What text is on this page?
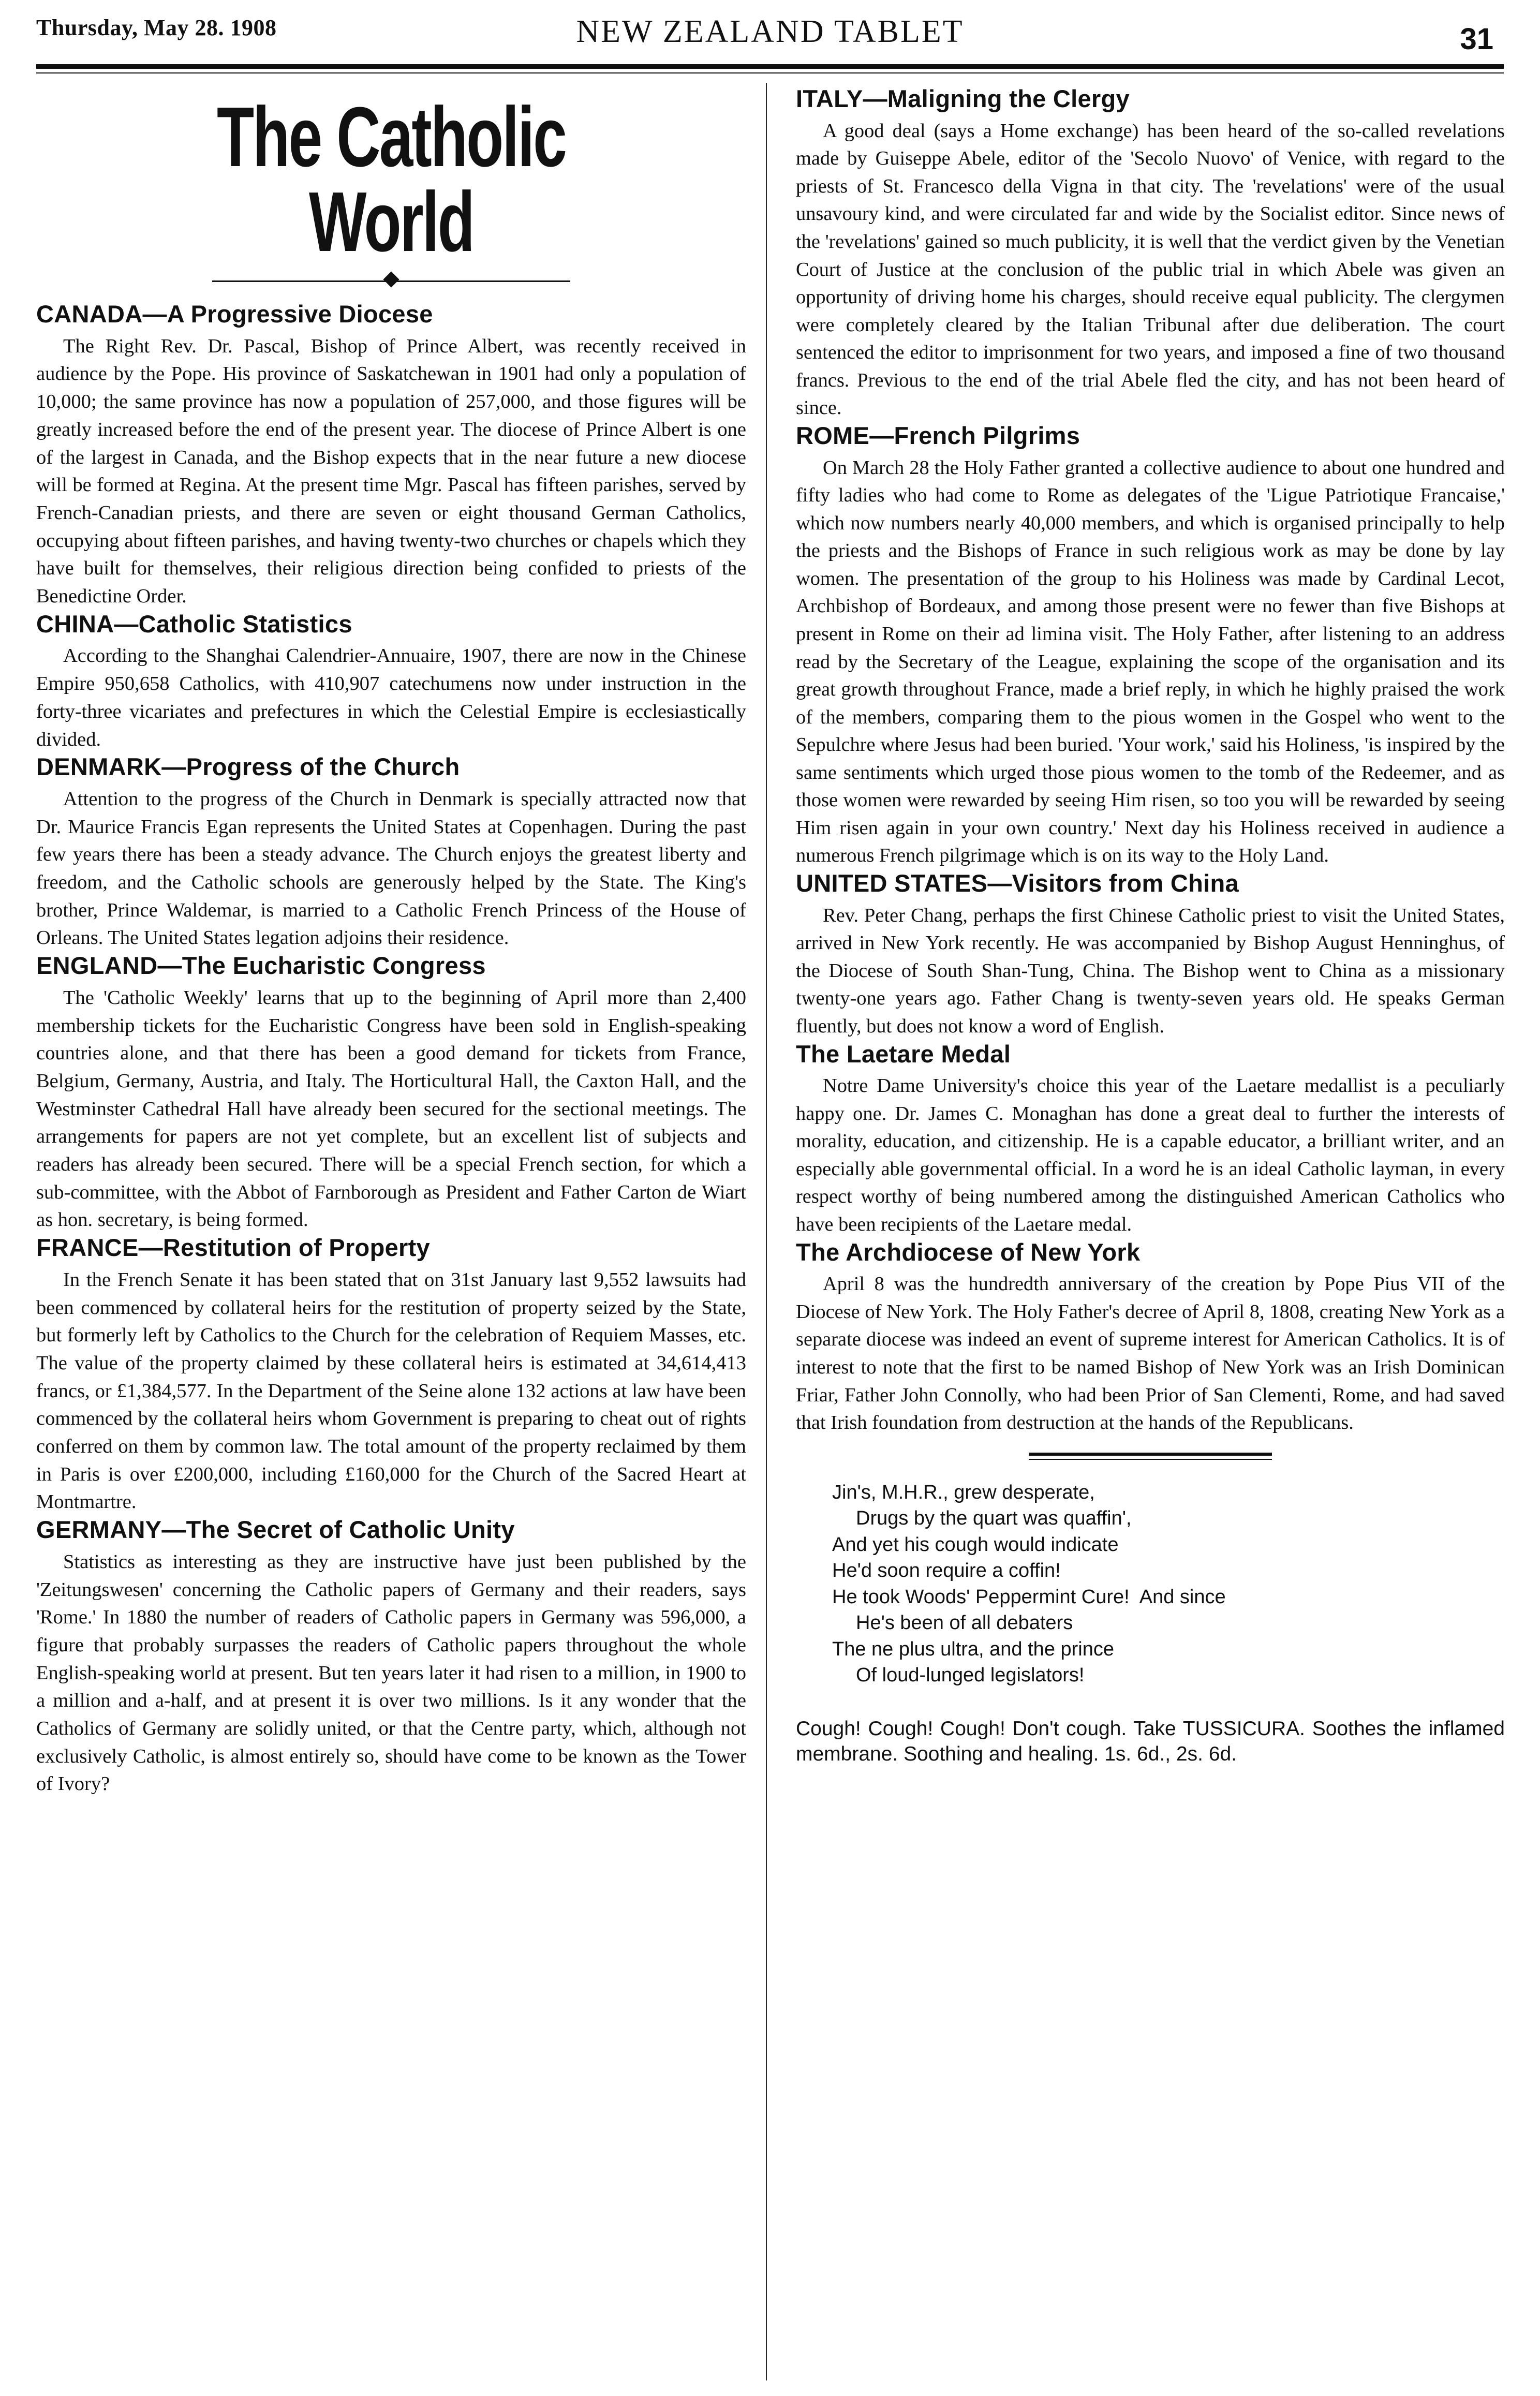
Thursday, May 28. 1908	NEW ZEALAND TABLET	31
The Catholic World
CANADA—A Progressive Diocese

The Right Rev. Dr. Pascal, Bishop of Prince Albert, was recently received in audience by the Pope. His province of Saskatchewan in 1901 had only a population of 10,000; the same province has now a population of 257,000, and those figures will be greatly increased before the end of the present year. The diocese of Prince Albert is one of the largest in Canada, and the Bishop expects that in the near future a new diocese will be formed at Regina. At the present time Mgr. Pascal has fifteen parishes, served by French-Canadian priests, and there are seven or eight thousand German Catholics, occupying about fifteen parishes, and having twenty-two churches or chapels which they have built for themselves, their religious direction being confided to priests of the Benedictine Order.

CHINA—Catholic Statistics

According to the Shanghai Calendrier-Annuaire, 1907, there are now in the Chinese Empire 950,658 Catholics, with 410,907 catechumens now under instruction in the forty-three vicariates and prefectures in which the Celestial Empire is ecclesiastically divided.

DENMARK—Progress of the Church

Attention to the progress of the Church in Denmark is specially attracted now that Dr. Maurice Francis Egan represents the United States at Copenhagen. During the past few years there has been a steady advance. The Church enjoys the greatest liberty and freedom, and the Catholic schools are generously helped by the State. The King's brother, Prince Waldemar, is married to a Catholic French Princess of the House of Orleans. The United States legation adjoins their residence.

ENGLAND—The Eucharistic Congress

The 'Catholic Weekly' learns that up to the beginning of April more than 2,400 membership tickets for the Eucharistic Congress have been sold in English-speaking countries alone, and that there has been a good demand for tickets from France, Belgium, Germany, Austria, and Italy. The Horticultural Hall, the Caxton Hall, and the Westminster Cathedral Hall have already been secured for the sectional meetings. The arrangements for papers are not yet complete, but an excellent list of subjects and readers has already been secured. There will be a special French section, for which a sub-committee, with the Abbot of Farnborough as President and Father Carton de Wiart as hon. secretary, is being formed.

FRANCE—Restitution of Property

In the French Senate it has been stated that on 31st January last 9,552 lawsuits had been commenced by collateral heirs for the restitution of property seized by the State, but formerly left by Catholics to the Church for the celebration of Requiem Masses, etc. The value of the property claimed by these collateral heirs is estimated at 34,614,413 francs, or £1,384,577. In the Department of the Seine alone 132 actions at law have been commenced by the collateral heirs whom Government is preparing to cheat out of rights conferred on them by common law. The total amount of the property reclaimed by them in Paris is over £200,000, including £160,000 for the Church of the Sacred Heart at Montmartre.

GERMANY—The Secret of Catholic Unity

Statistics as interesting as they are instructive have just been published by the 'Zeitungswesen' concerning the Catholic papers of Germany and their readers, says 'Rome.' In 1880 the number of readers of Catholic papers in Germany was 596,000, a figure that probably surpasses the readers of Catholic papers throughout the whole English-speaking world at present. But ten years later it had risen to a million, in 1900 to a million and a-half, and at present it is over two millions. Is it any wonder that the Catholics of Germany are solidly united, or that the Centre party, which, although not exclusively Catholic, is almost entirely so, should have come to be known as the Tower of Ivory?

ITALY—Maligning the Clergy

A good deal (says a Home exchange) has been heard of the so-called revelations made by Guiseppe Abele, editor of the 'Secolo Nuovo' of Venice, with regard to the priests of St. Francesco della Vigna in that city. The 'revelations' were of the usual unsavoury kind, and were circulated far and wide by the Socialist editor. Since news of the 'revelations' gained so much publicity, it is well that the verdict given by the Venetian Court of Justice at the conclusion of the public trial in which Abele was given an opportunity of driving home his charges, should receive equal publicity. The clergymen were completely cleared by the Italian Tribunal after due deliberation. The court sentenced the editor to imprisonment for two years, and imposed a fine of two thousand francs. Previous to the end of the trial Abele fled the city, and has not been heard of since.

ROME—French Pilgrims

On March 28 the Holy Father granted a collective audience to about one hundred and fifty ladies who had come to Rome as delegates of the 'Ligue Patriotique Francaise,' which now numbers nearly 40,000 members, and which is organised principally to help the priests and the Bishops of France in such religious work as may be done by lay women. The presentation of the group to his Holiness was made by Cardinal Lecot, Archbishop of Bordeaux, and among those present were no fewer than five Bishops at present in Rome on their ad limina visit. The Holy Father, after listening to an address read by the Secretary of the League, explaining the scope of the organisation and its great growth throughout France, made a brief reply, in which he highly praised the work of the members, comparing them to the pious women in the Gospel who went to the Sepulchre where Jesus had been buried. 'Your work,' said his Holiness, 'is inspired by the same sentiments which urged those pious women to the tomb of the Redeemer, and as those women were rewarded by seeing Him risen, so too you will be rewarded by seeing Him risen again in your own country.' Next day his Holiness received in audience a numerous French pilgrimage which is on its way to the Holy Land.

UNITED STATES—Visitors from China

Rev. Peter Chang, perhaps the first Chinese Catholic priest to visit the United States, arrived in New York recently. He was accompanied by Bishop August Henninghus, of the Diocese of South Shan-Tung, China. The Bishop went to China as a missionary twenty-one years ago. Father Chang is twenty-seven years old. He speaks German fluently, but does not know a word of English.

The Laetare Medal

Notre Dame University's choice this year of the Laetare medallist is a peculiarly happy one. Dr. James C. Monaghan has done a great deal to further the interests of morality, education, and citizenship. He is a capable educator, a brilliant writer, and an especially able governmental official. In a word he is an ideal Catholic layman, in every respect worthy of being numbered among the distinguished American Catholics who have been recipients of the Laetare medal.

The Archdiocese of New York

April 8 was the hundredth anniversary of the creation by Pope Pius VII of the Diocese of New York. The Holy Father's decree of April 8, 1808, creating New York as a separate diocese was indeed an event of supreme interest for American Catholics. It is of interest to note that the first to be named Bishop of New York was an Irish Dominican Friar, Father John Connolly, who had been Prior of San Clementi, Rome, and had saved that Irish foundation from destruction at the hands of the Republicans.

Jin's, M.H.R., grew desperate,
Drugs by the quart was quaffin',
And yet his cough would indicate
He'd soon require a coffin!
He took Woods' Peppermint Cure!  And since
He's been of all debaters
The ne plus ultra, and the prince
Of loud-lunged legislators!
Cough! Cough! Cough! Don't cough. Take TUSSICURA. Soothes the inflamed membrane. Soothing and healing. 1s. 6d., 2s. 6d.
